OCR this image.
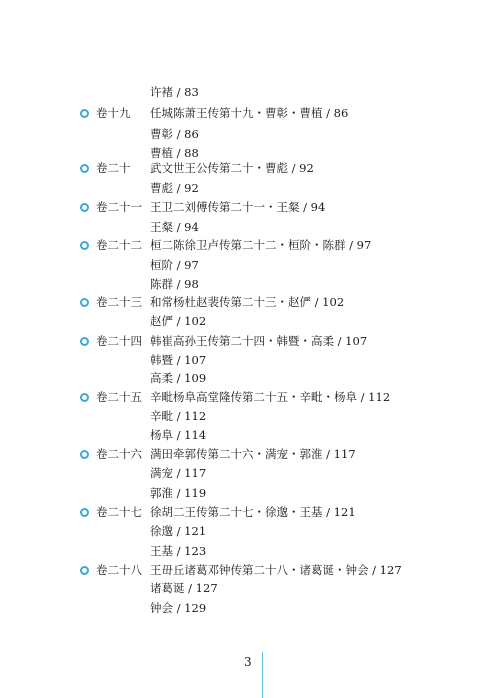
许褚 / 83
卷十九 任城陈萧王传第十九・曹彰・曹植 / 86
曹彰 / 86
曹植 / 88
卷二十 武文世王公传第二十・曹彪 / 92
曹彪 / 92
卷二十一 王卫二刘傅传第二十一・王粲 / 94
王粲 / 94
卷二十二 桓二陈徐卫卢传第二十二・桓阶・陈群 / 97
桓阶 / 97
陈群 / 98
卷二十三 和常杨杜赵裴传第二十三・赵俨 / 102
赵俨 / 102
卷二十四 韩崔高孙王传第二十四・韩暨・高柔 / 107
韩暨 / 107
高柔 / 109
卷二十五 辛毗杨阜高堂隆传第二十五・辛毗・杨阜 / 112
辛毗 / 112
杨阜 / 114
卷二十六 满田牵郭传第二十六・满宠・郭淮 / 117
满宠 / 117
郭淮 / 119
卷二十七 徐胡二王传第二十七・徐邈・王基 / 121
徐邈 / 121
王基 / 123
卷二十八 王毌丘诸葛邓钟传第二十八・诸葛诞・钟会 / 127
诸葛诞 / 127
钟会 / 129
3
